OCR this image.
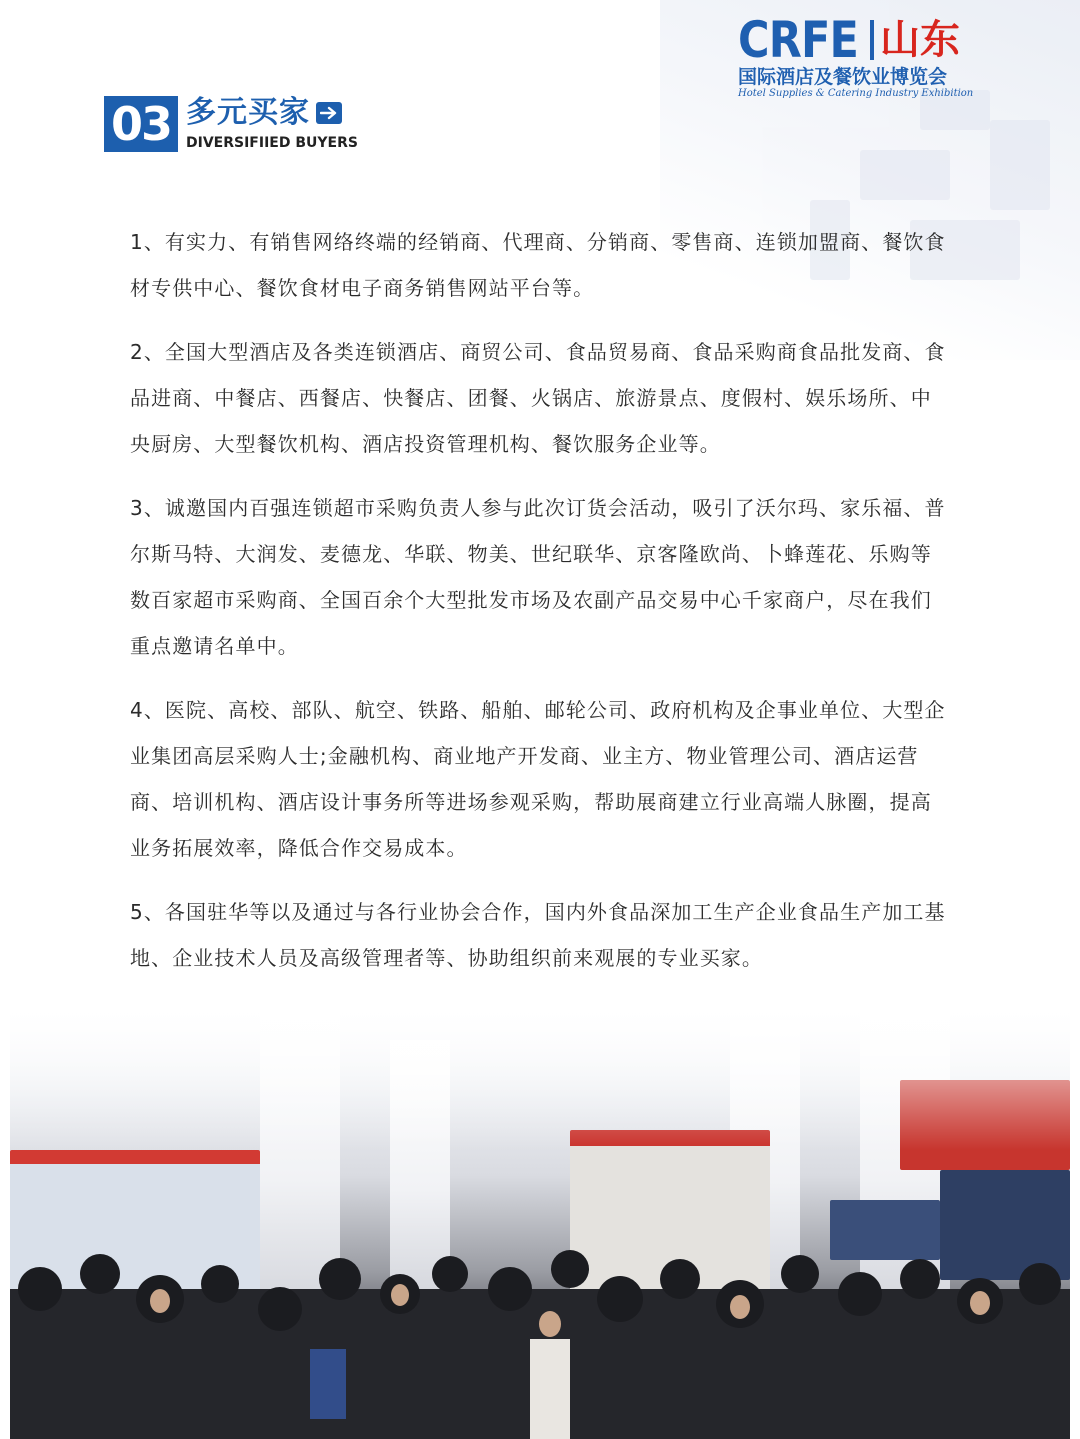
CRFE 山东
国际酒店及餐饮业博览会
Hotel Supplies & Catering Industry Exhibition
03 多元买家
DIVERSIFIIED BUYERS

1、有实力、有销售网络终端的经销商、代理商、分销商、零售商、连锁加盟商、餐饮食材专供中心、餐饮食材电子商务销售网站平台等。

2、全国大型酒店及各类连锁酒店、商贸公司、食品贸易商、食品采购商食品批发商、食品进商、中餐店、西餐店、快餐店、团餐、火锅店、旅游景点、度假村、娱乐场所、中央厨房、大型餐饮机构、酒店投资管理机构、餐饮服务企业等。

3、诚邀国内百强连锁超市采购负责人参与此次订货会活动，吸引了沃尔玛、家乐福、普尔斯马特、大润发、麦德龙、华联、物美、世纪联华、京客隆欧尚、卜蜂莲花、乐购等数百家超市采购商、全国百余个大型批发市场及农副产品交易中心千家商户，尽在我们重点邀请名单中。

4、医院、高校、部队、航空、铁路、船舶、邮轮公司、政府机构及企事业单位、大型企业集团高层采购人士;金融机构、商业地产开发商、业主方、物业管理公司、酒店运营商、培训机构、酒店设计事务所等进场参观采购，帮助展商建立行业高端人脉圈，提高业务拓展效率，降低合作交易成本。

5、各国驻华等以及通过与各行业协会合作，国内外食品深加工生产企业食品生产加工基地、企业技术人员及高级管理者等、协助组织前来观展的专业买家。
